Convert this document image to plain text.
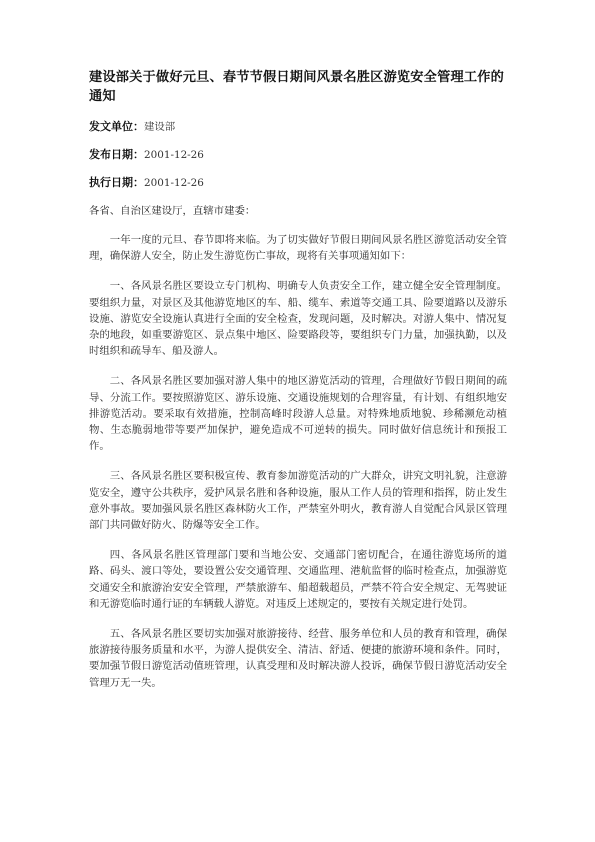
建设部关于做好元旦、春节节假日期间风景名胜区游览安全管理工作的通知
发文单位：建设部
发布日期：2001-12-26
执行日期：2001-12-26
各省、自治区建设厅，直辖市建委：

一年一度的元旦、春节即将来临。为了切实做好节假日期间风景名胜区游览活动安全管理，确保游人安全，防止发生游览伤亡事故，现将有关事项通知如下：

一、各风景名胜区要设立专门机构、明确专人负责安全工作，建立健全安全管理制度。要组织力量，对景区及其他游览地区的车、船、缆车、索道等交通工具、险要道路以及游乐设施、游览安全设施认真进行全面的安全检查，发现问题，及时解决。对游人集中、情况复杂的地段，如重要游览区、景点集中地区、险要路段等，要组织专门力量，加强执勤，以及时组织和疏导车、船及游人。

二、各风景名胜区要加强对游人集中的地区游览活动的管理，合理做好节假日期间的疏导、分流工作。要按照游览区、游乐设施、交通设施规划的合理容量，有计划、有组织地安排游览活动。要采取有效措施，控制高峰时段游人总量。对特殊地质地貌、珍稀濒危动植物、生态脆弱地带等要严加保护，避免造成不可逆转的损失。同时做好信息统计和预报工作。

三、各风景名胜区要积极宣传、教育参加游览活动的广大群众，讲究文明礼貌，注意游览安全，遵守公共秩序，爱护风景名胜和各种设施，服从工作人员的管理和指挥，防止发生意外事故。要加强风景名胜区森林防火工作，严禁室外明火，教育游人自觉配合风景区管理部门共同做好防火、防爆等安全工作。

四、各风景名胜区管理部门要和当地公安、交通部门密切配合，在通往游览场所的道路、码头、渡口等处，要设置公安交通管理、交通监理、港航监督的临时检查点，加强游览交通安全和旅游治安安全管理，严禁旅游车、船超载超员，严禁不符合安全规定、无驾驶证和无游览临时通行证的车辆载人游览。对违反上述规定的，要按有关规定进行处罚。

五、各风景名胜区要切实加强对旅游接待、经营、服务单位和人员的教育和管理，确保旅游接待服务质量和水平，为游人提供安全、清洁、舒适、便捷的旅游环境和条件。同时，要加强节假日游览活动值班管理，认真受理和及时解决游人投诉，确保节假日游览活动安全管理万无一失。
